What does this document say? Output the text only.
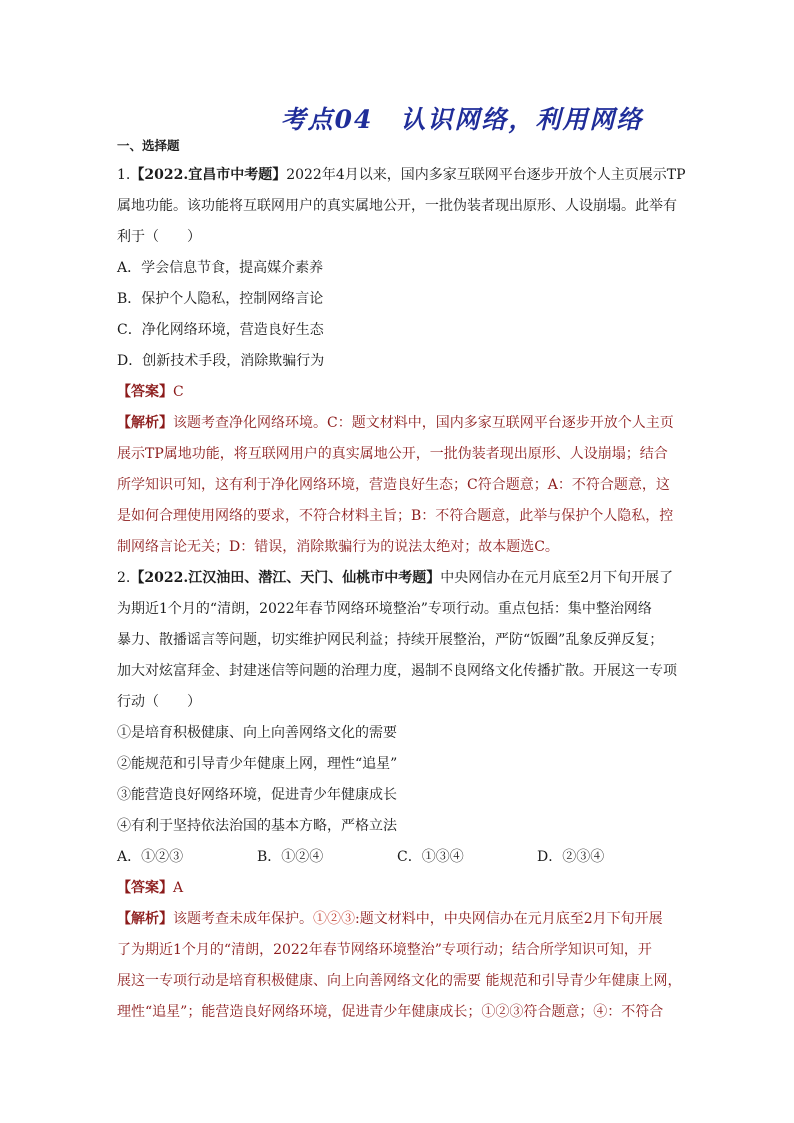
考点04　认识网络，利用网络
一、选择题
1.【2022.宜昌市中考题】2022年4月以来，国内多家互联网平台逐步开放个人主页展示TP
属地功能。该功能将互联网用户的真实属地公开，一批伪装者现出原形、人设崩塌。此举有
利于（　　）
A．学会信息节食，提高媒介素养
B．保护个人隐私，控制网络言论
C．净化网络环境，营造良好生态
D．创新技术手段，消除欺骗行为
【答案】C
【解析】该题考查净化网络环境。C：题文材料中，国内多家互联网平台逐步开放个人主页
展示TP属地功能，将互联网用户的真实属地公开，一批伪装者现出原形、人设崩塌；结合
所学知识可知，这有利于净化网络环境，营造良好生态；C符合题意；A：不符合题意，这
是如何合理使用网络的要求，不符合材料主旨；B：不符合题意，此举与保护个人隐私，控
制网络言论无关；D：错误，消除欺骗行为的说法太绝对；故本题选C。
2.【2022.江汉油田、潜江、天门、仙桃市中考题】中央网信办在元月底至2月下旬开展了
为期近1个月的“清朗，2022年春节网络环境整治”专项行动。重点包括：集中整治网络
暴力、散播谣言等问题，切实维护网民利益；持续开展整治，严防“饭圈”乱象反弹反复；
加大对炫富拜金、封建迷信等问题的治理力度，遏制不良网络文化传播扩散。开展这一专项
行动（　　）
①是培育积极健康、向上向善网络文化的需要
②能规范和引导青少年健康上网，理性“追星”
③能营造良好网络环境，促进青少年健康成长
④有利于坚持依法治国的基本方略，严格立法
A．①②③	B．①②④	C．①③④	D．②③④
【答案】A
【解析】该题考查未成年保护。①②③:题文材料中，中央网信办在元月底至2月下旬开展
了为期近1个月的“清朗，2022年春节网络环境整治”专项行动；结合所学知识可知，开
展这一专项行动是培育积极健康、向上向善网络文化的需要 能规范和引导青少年健康上网，
理性“追星”；能营造良好网络环境，促进青少年健康成长；①②③符合题意；④：不符合
